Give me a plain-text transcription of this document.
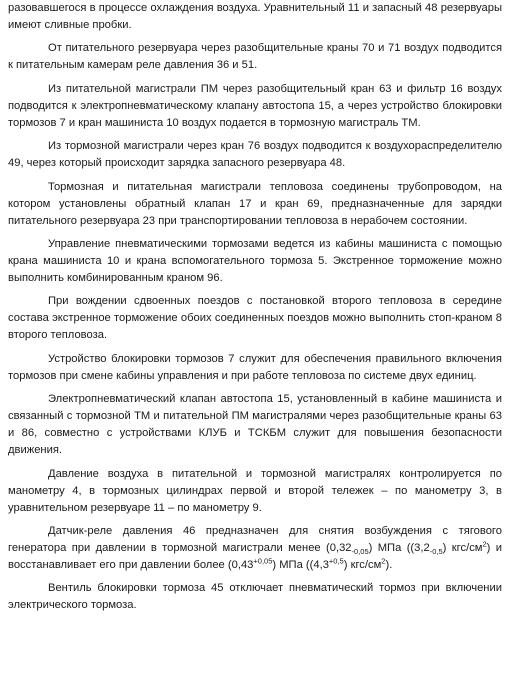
разовавшегося в процессе охлаждения воздуха. Уравнительный 11 и запасный 48 резервуары имеют сливные пробки.

От питательного резервуара через разобщительные краны 70 и 71 воздух подводится к питательным камерам реле давления 36 и 51.

Из питательной магистрали ПМ через разобщительный кран 63 и фильтр 16 воздух подводится к электропневматическому клапану автостопа 15, а через устройство блокировки тормозов 7 и кран машиниста 10 воздух подается в тормозную магистраль ТМ.

Из тормозной магистрали через кран 76 воздух подводится к воздухораспределителю 49, через который происходит зарядка запасного резервуара 48.

Тормозная и питательная магистрали тепловоза соединены трубопроводом, на котором установлены обратный клапан 17 и кран 69, предназначенные для зарядки питательного резервуара 23 при транспортировании тепловоза в нерабочем состоянии.

Управление пневматическими тормозами ведется из кабины машиниста с помощью крана машиниста 10 и крана вспомогательного тормоза 5. Экстренное торможение можно выполнить комбинированным краном 96.

При вождении сдвоенных поездов с постановкой второго тепловоза в середине состава экстренное торможение обоих соединенных поездов можно выполнить стоп-краном 8 второго тепловоза.

Устройство блокировки тормозов 7 служит для обеспечения правильного включения тормозов при смене кабины управления и при работе тепловоза по системе двух единиц.

Электропневматический клапан автостопа 15, установленный в кабине машиниста и связанный с тормозной ТМ и питательной ПМ магистралями через разобщительные краны 63 и 86, совместно с устройствами КЛУБ и ТСКБМ служит для повышения безопасности движения.

Давление воздуха в питательной и тормозной магистралях контролируется по манометру 4, в тормозных цилиндрах первой и второй тележек – по манометру 3, в уравнительном резервуаре 11 – по манометру 9.

Датчик-реле давления 46 предназначен для снятия возбуждения с тягового генератора при давлении в тормозной магистрали менее $(0,32_{-0,05})$ МПа ($(3,2_{-0,5})$ кгс/$см^2$) и восстанавливает его при давлении более $(0,43^{+0,05})$ МПа ($(4,3^{+0,5})$ кгс/$см^2$).

Вентиль блокировки тормоза 45 отключает пневматический тормоз при включении электрического тормоза.
